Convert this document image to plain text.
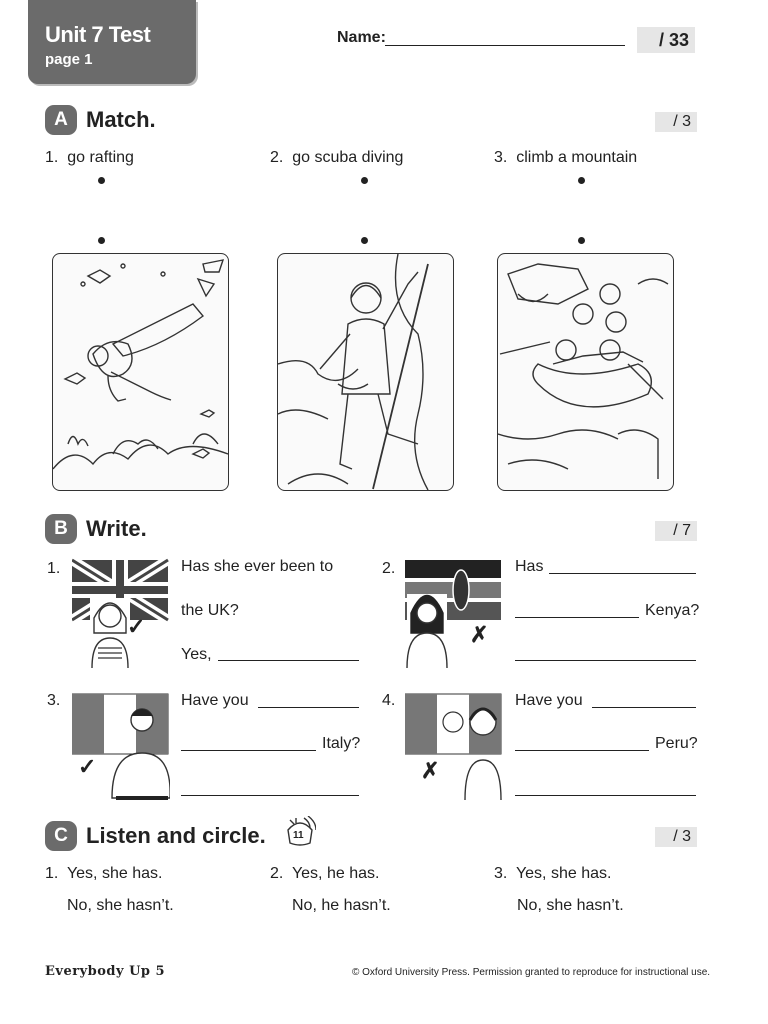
Unit 7 Test
page 1
Name:	/ 33
A Match.	/ 3
1. go rafting	2. go scuba diving	3. climb a mountain
B Write.	/ 7
1.
✓
Has she ever been to
the UK?
Yes,
2.
✗
Has
Kenya?
3.
✓
Have you
Italy?
4.
✗
Have you
Peru?
C Listen and circle.	11	/ 3
1. Yes, she has.
No, she hasn’t.
2. Yes, he has.
No, he hasn’t.
3. Yes, she has.
No, she hasn’t.
Everybody Up 5	© Oxford University Press. Permission granted to reproduce for instructional use.
